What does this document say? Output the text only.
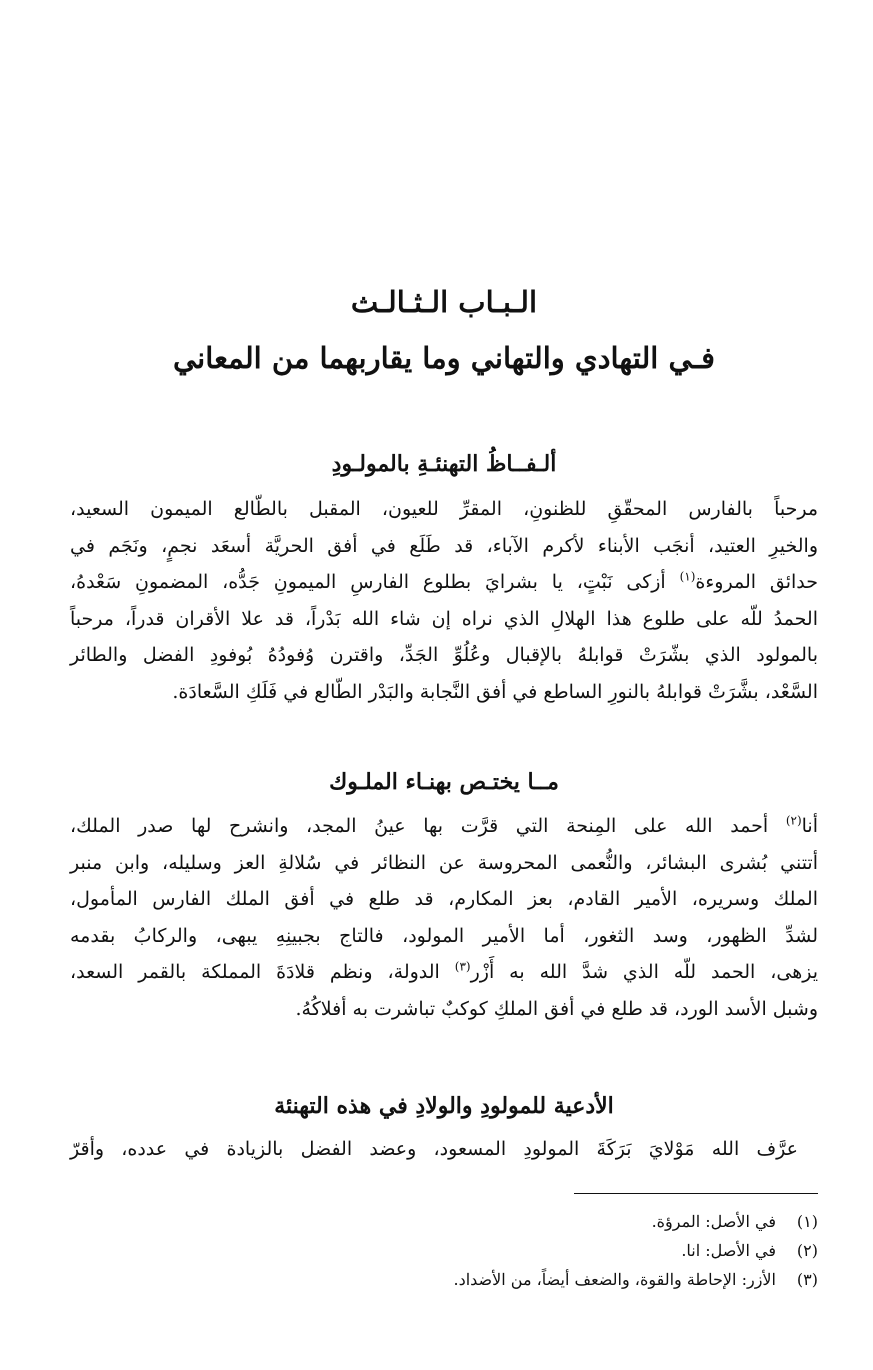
الـبـاب الـثـالـث
فـي التهادي والتهاني وما يقاربهما من المعاني
ألـفــاظُ التهنئـةِ بالمولـودِ
مرحباً بالفارس المحقّقِ للظنونِ، المقرِّ للعيون، المقبل بالطّالع الميمون السعيد،
والخيرِ العتيد، أنجَب الأبناء لأكرم الآباء، قد طَلَع في أفق الحريَّة أسعَد نجمٍ، ونَجَم في
حدائق المروءة$^{(١)}$ أزكى نَبْتٍ، يا بشرايَ بطلوع الفارسِ الميمونِ جَدُّه، المضمونِ سَعْدهُ،
الحمدُ للّه على طلوع هذا الهلالِ الذي نراه إن شاء الله بَدْراً، قد علا الأقران قدراً، مرحباً
بالمولود الذي بشّرَتْ قوابلهُ بالإقبال وعُلُوِّ الجَدِّ، واقترن وُفودُهُ بُوفودِ الفضل والطائر
السَّعْد، بشَّرَتْ قوابلهُ بالنورِ الساطع في أفق النَّجابة والبَدْر الطّالع في فَلَكِ السَّعادَة.
مــا يختـص بهنـاء الملـوك
أنا$^{(٢)}$ أحمد الله على المِنحة التي قرَّت بها عينُ المجد، وانشرح لها صدر الملك،
أتتني بُشرى البشائر، والنُّعمى المحروسة عن النظائر في سُلالةِ العز وسليله، وابن منبر
الملك وسريره، الأمير القادم، بعز المكارم، قد طلع في أفق الملك الفارس المأمول،
لشدِّ الظهور، وسد الثغور، أما الأمير المولود، فالتاج بجبينِهِ يبهى، والركابُ بقدمه
يزهى، الحمد للّه الذي شدَّ الله به أَزْر$^{(٣)}$ الدولة، ونظم قلادَةَ المملكة بالقمر السعد،
وشبل الأسد الورد، قد طلع في أفق الملكِ كوكبٌ تباشرت به أفلاكُهُ.
الأدعية للمولودِ والولادِ في هذه التهنئة
عرَّف الله مَوْلايَ بَرَكَةَ المولودِ المسعود، وعضد الفضل بالزيادة في عدده، وأقرّ
(١)في الأصل: المرؤة.
(٢)في الأصل: انا.
(٣)الأزر: الإحاطة والقوة، والضعف أيضاً، من الأضداد.
